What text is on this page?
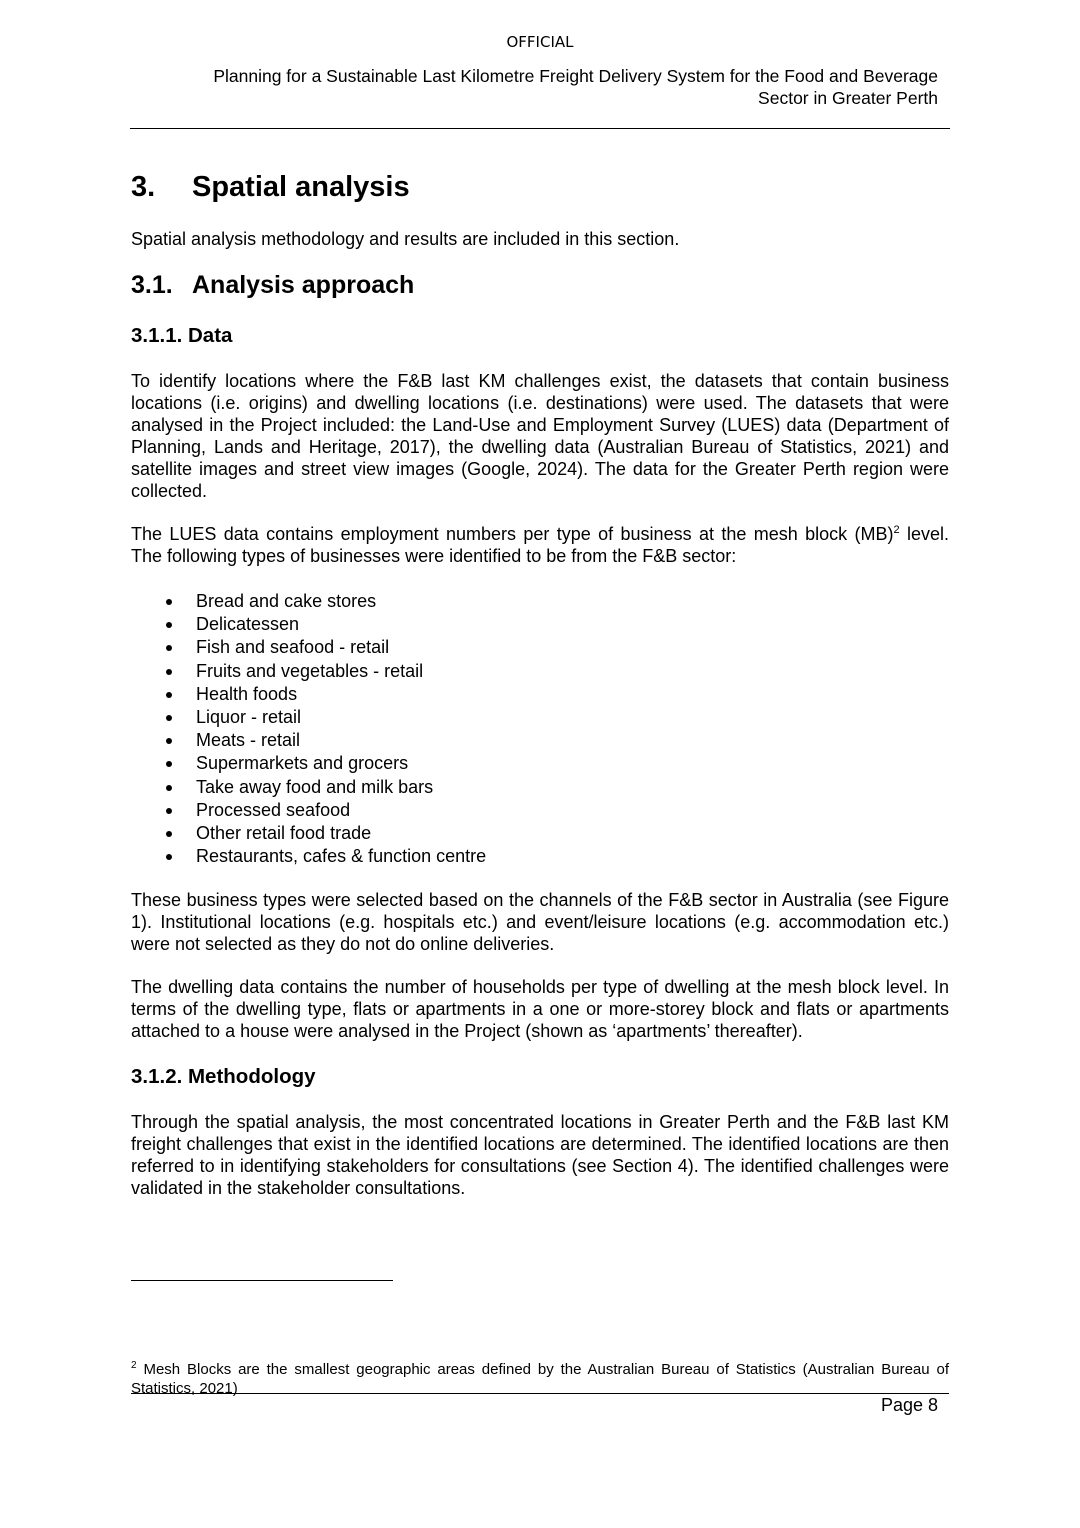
OFFICIAL
Planning for a Sustainable Last Kilometre Freight Delivery System for the Food and Beverage
Sector in Greater Perth
3. Spatial analysis
Spatial analysis methodology and results are included in this section.
3.1. Analysis approach
3.1.1. Data
To identify locations where the F&B last KM challenges exist, the datasets that contain business locations (i.e. origins) and dwelling locations (i.e. destinations) were used. The datasets that were analysed in the Project included: the Land-Use and Employment Survey (LUES) data (Department of Planning, Lands and Heritage, 2017), the dwelling data (Australian Bureau of Statistics, 2021) and satellite images and street view images (Google, 2024). The data for the Greater Perth region were collected.
The LUES data contains employment numbers per type of business at the mesh block (MB)$^2$ level. The following types of businesses were identified to be from the F&B sector:
Bread and cake stores
Delicatessen
Fish and seafood - retail
Fruits and vegetables - retail
Health foods
Liquor - retail
Meats - retail
Supermarkets and grocers
Take away food and milk bars
Processed seafood
Other retail food trade
Restaurants, cafes & function centre
These business types were selected based on the channels of the F&B sector in Australia (see Figure 1). Institutional locations (e.g. hospitals etc.) and event/leisure locations (e.g. accommodation etc.) were not selected as they do not do online deliveries.
The dwelling data contains the number of households per type of dwelling at the mesh block level. In terms of the dwelling type, flats or apartments in a one or more-storey block and flats or apartments attached to a house were analysed in the Project (shown as ‘apartments’ thereafter).
3.1.2. Methodology
Through the spatial analysis, the most concentrated locations in Greater Perth and the F&B last KM freight challenges that exist in the identified locations are determined. The identified locations are then referred to in identifying stakeholders for consultations (see Section 4). The identified challenges were validated in the stakeholder consultations.
$^2$ Mesh Blocks are the smallest geographic areas defined by the Australian Bureau of Statistics (Australian Bureau of Statistics, 2021)
Page 8
